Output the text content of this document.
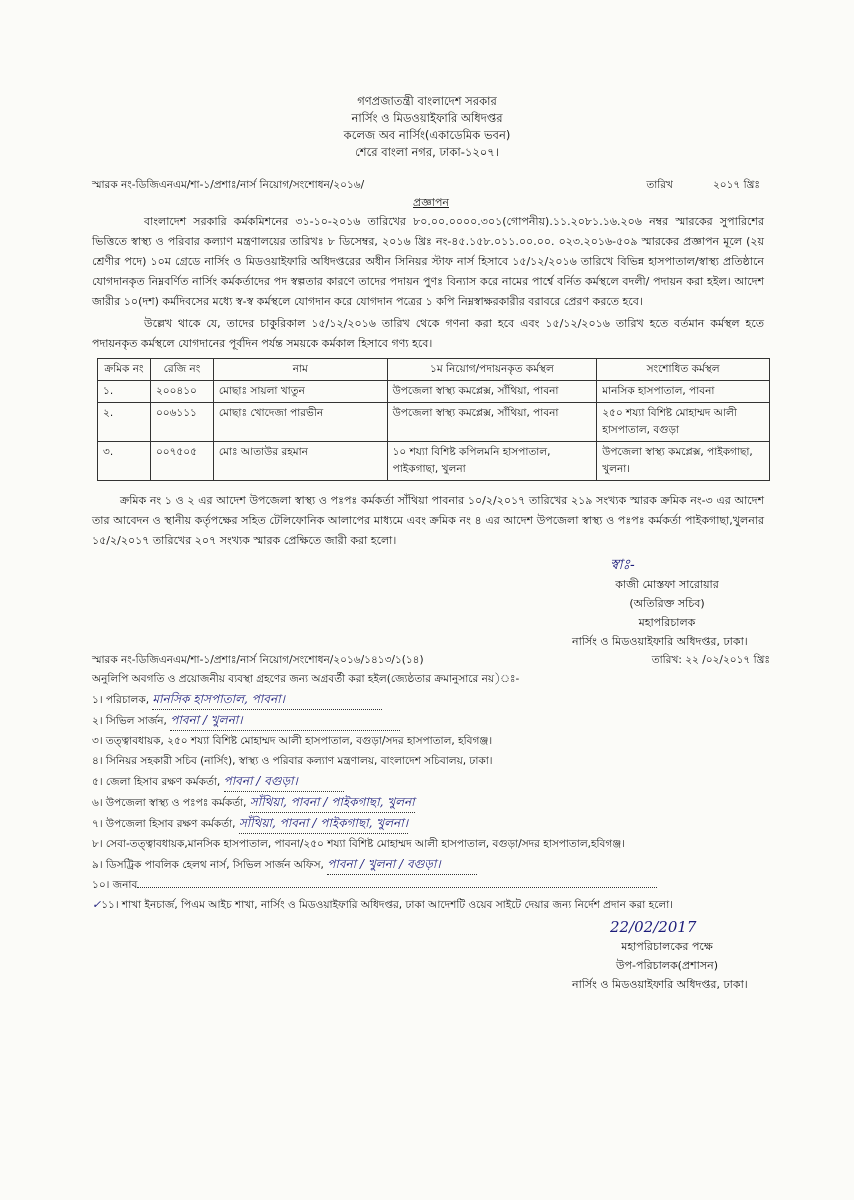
গণপ্রজাতন্ত্রী বাংলাদেশ সরকার
নার্সিং ও মিডওয়াইফারি অধিদপ্তর
কলেজ অব নার্সিং(একাডেমিক ভবন)
শেরে বাংলা নগর, ঢাকা-১২০৭।
স্মারক নং-ডিজিএনএম/শা-১/প্রশাঃ/নার্স নিয়োগ/সংশোধন/২০১৬/	তারিখ	২০১৭ খ্রিঃ
প্রজ্ঞাপন
বাংলাদেশ সরকারি কর্মকমিশনের ৩১-১০-২০১৬ তারিখের ৮০.০০.০০০০.৩০১(গোপনীয়).১১.২০৮১.১৬.২০৬ নম্বর স্মারকের সুপারিশের ভিত্তিতে স্বাস্থ্য ও পরিবার কল্যাণ মন্ত্রণালয়ের তারিখঃ ৮ ডিসেম্বর, ২০১৬ খ্রিঃ নং-৪৫.১৫৮.০১১.০০.০০. ০২৩.২০১৬-৫০৯ স্মারকের প্রজ্ঞাপন মূলে (২য় শ্রেণীর পদে) ১০ম গ্রেডে নার্সিং ও মিডওয়াইফারি অধিদপ্তরের অধীন সিনিয়র স্টাফ নার্স হিসাবে ১৫/১২/২০১৬ তারিখে বিভিন্ন হাসপাতাল/স্বাস্থ্য প্রতিষ্ঠানে যোগদানকৃত নিম্নবর্ণিত নার্সিং কর্মকর্তাদের পদ স্বল্পতার কারণে তাদের পদায়ন পুণঃ বিন্যাস করে নামের পার্শ্বে বর্নিত কর্মস্থলে বদলী/ পদায়ন করা হইল। আদেশ জারীর ১০(দশ) কর্মদিবসের মধ্যে স্ব-স্ব কর্মস্থলে যোগদান করে যোগদান পত্রের ১ কপি নিম্নস্বাক্ষরকারীর বরাবরে প্রেরণ করতে হবে।
উল্লেখ থাকে যে, তাদের চাকুরিকাল ১৫/১২/২০১৬ তারিখ থেকে গণনা করা হবে এবং ১৫/১২/২০১৬ তারিখ হতে বর্তমান কর্মস্থল হতে পদায়নকৃত কর্মস্থলে যোগদানের পূর্বদিন পর্যন্ত সময়কে কর্মকাল হিসাবে গণ্য হবে।
ক্রমিক নং	রেজি নং	নাম	১ম নিয়োগ/পদায়নকৃত কর্মস্থল	সংশোধিত কর্মস্থল
১.	২০০৪১০	মোছাঃ সায়লা খাতুন	উপজেলা স্বাস্থ্য কমপ্লেক্স, সাঁথিয়া, পাবনা	মানসিক হাসপাতাল, পাবনা
২.	০০৬১১১	মোছাঃ খোদেজা পারভীন	উপজেলা স্বাস্থ্য কমপ্লেক্স, সাঁথিয়া, পাবনা	২৫০ শয্যা বিশিষ্ট মোহাম্মদ আলী হাসপাতাল, বগুড়া
৩.	০০৭৫০৫	মোঃ আতাউর রহমান	১০ শয্যা বিশিষ্ট কপিলমনি হাসপাতাল, পাইকগাছা, খুলনা	উপজেলা স্বাস্থ্য কমপ্লেক্স, পাইকগাছা, খুলনা।
ক্রমিক নং ১ ও ২ এর আদেশ উপজেলা স্বাস্থ্য ও পঃপঃ কর্মকর্তা সাঁথিয়া পাবনার ১০/২/২০১৭ তারিখের ২১৯ সংখ্যক স্মারক ক্রমিক নং-৩ এর আদেশ তার আবেদন ও স্থানীয় কর্তৃপক্ষের সহিত টেলিফোনিক আলাপের মাধ্যমে এবং ক্রমিক নং ৪ এর আদেশ উপজেলা স্বাস্থ্য ও পঃপঃ কর্মকর্তা পাইকগাছা,খুলনার ১৫/২/২০১৭ তারিখের ২০৭ সংখ্যক স্মারক প্রেক্ষিতে জারী করা হলো।
স্বাঃ-
কাজী মোস্তফা সারোয়ার
(অতিরিক্ত সচিব)
মহাপরিচালক
নার্সিং ও মিডওয়াইফারি অধিদপ্তর, ঢাকা।
স্মারক নং-ডিজিএনএম/শা-১/প্রশাঃ/নার্স নিয়োগ/সংশোধন/২০১৬/১৪১৩/১(১৪)	তারিখ: ২২ /০২/২০১৭ খ্রিঃ
অনুলিপি অবগতি ও প্রয়োজনীয় ব্যবস্থা গ্রহণের জন্য অগ্রবর্তী করা হইল(জ্যেষ্ঠতার ক্রমানুসারে নয়)ঃ-
১। পরিচালক, মানসিক হাসপাতাল, পাবনা।
২। সিভিল সার্জন, পাবনা / খুলনা।
৩। তত্ত্বাবধায়ক, ২৫০ শয্যা বিশিষ্ট মোহাম্মদ আলী হাসপাতাল, বগুড়া/সদর হাসপাতাল, হবিগঞ্জ।
৪। সিনিয়র সহকারী সচিব (নার্সিং), স্বাস্থ্য ও পরিবার কল্যাণ মন্ত্রণালয়, বাংলাদেশ সচিবালয়, ঢাকা।
৫। জেলা হিসাব রক্ষণ কর্মকর্তা, পাবনা / বগুড়া।
৬। উপজেলা স্বাস্থ্য ও পঃপঃ কর্মকর্তা, সাঁথিয়া, পাবনা / পাইকগাছা, খুলনা
৭। উপজেলা হিসাব রক্ষণ কর্মকর্তা, সাঁথিয়া, পাবনা / পাইকগাছা, খুলনা।
৮। সেবা-তত্ত্বাবধায়ক,মানসিক হাসপাতাল, পাবনা/২৫০ শয্যা বিশিষ্ট মোহাম্মদ আলী হাসপাতাল, বগুড়া/সদর হাসপাতাল,হবিগঞ্জ।
৯। ডিসট্রিক পাবলিক হেলথ নার্স, সিভিল সার্জন অফিস, পাবনা / খুলনা / বগুড়া।
১০। জনাব
✓১১। শাখা ইনচার্জ, পিএম আইচ শাখা, নার্সিং ও মিডওয়াইফারি অধিদপ্তর, ঢাকা আদেশটি ওয়েব সাইটে দেয়ার জন্য নির্দেশ প্রদান করা হলো।
22/02/2017
মহাপরিচালকের পক্ষে
উপ-পরিচালক(প্রশাসন)
নার্সিং ও মিডওয়াইফারি অধিদপ্তর, ঢাকা।
